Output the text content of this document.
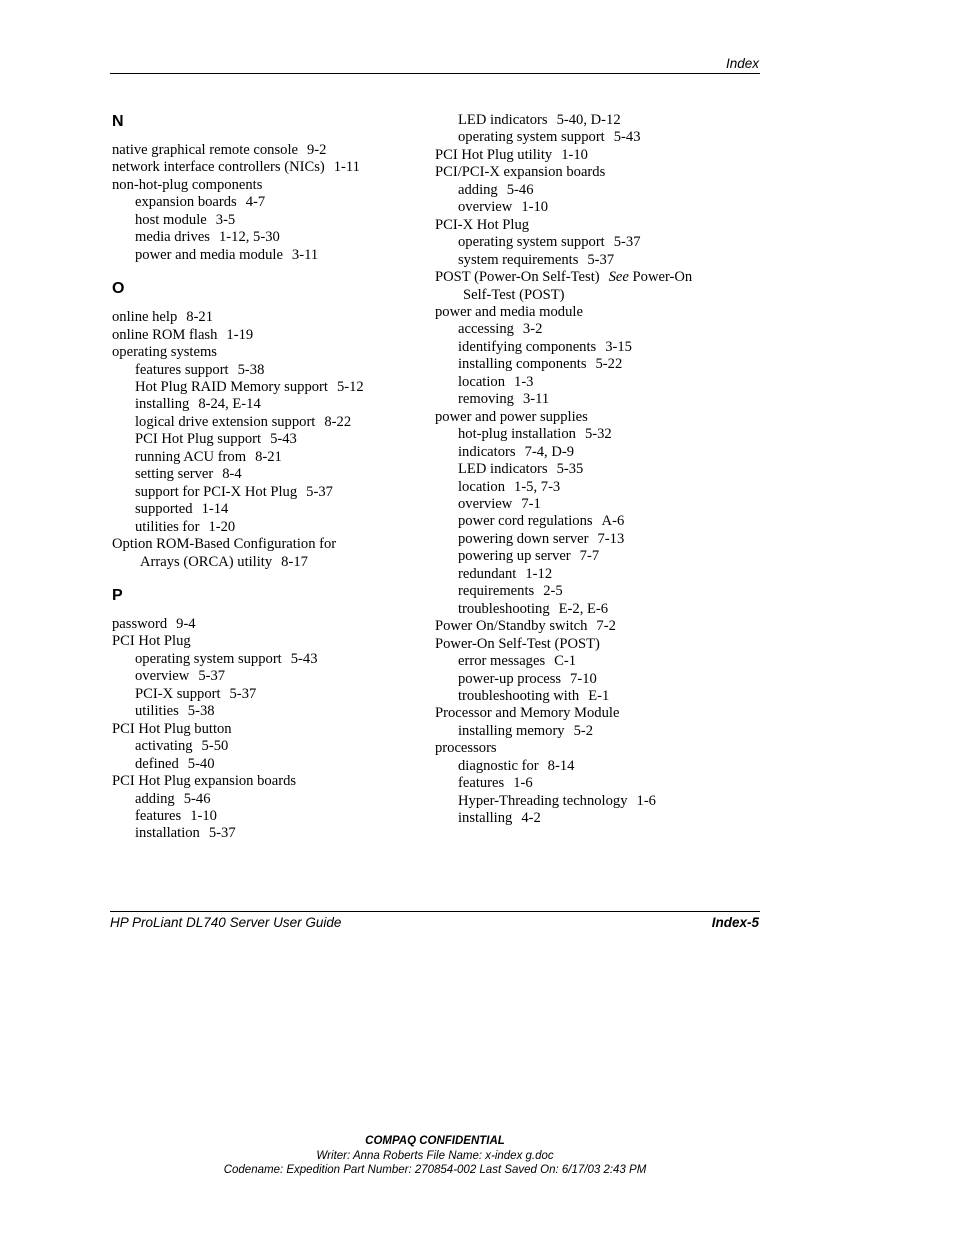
Index
N
native graphical remote console 9-2
network interface controllers (NICs) 1-11
non-hot-plug components
expansion boards 4-7
host module 3-5
media drives 1-12, 5-30
power and media module 3-11
O
online help 8-21
online ROM flash 1-19
operating systems
features support 5-38
Hot Plug RAID Memory support 5-12
installing 8-24, E-14
logical drive extension support 8-22
PCI Hot Plug support 5-43
running ACU from 8-21
setting server 8-4
support for PCI-X Hot Plug 5-37
supported 1-14
utilities for 1-20
Option ROM-Based Configuration for
Arrays (ORCA) utility 8-17
P
password 9-4
PCI Hot Plug
operating system support 5-43
overview 5-37
PCI-X support 5-37
utilities 5-38
PCI Hot Plug button
activating 5-50
defined 5-40
PCI Hot Plug expansion boards
adding 5-46
features 1-10
installation 5-37
LED indicators 5-40, D-12
operating system support 5-43
PCI Hot Plug utility 1-10
PCI/PCI-X expansion boards
adding 5-46
overview 1-10
PCI-X Hot Plug
operating system support 5-37
system requirements 5-37
POST (Power-On Self-Test) See Power-On
Self-Test (POST)
power and media module
accessing 3-2
identifying components 3-15
installing components 5-22
location 1-3
removing 3-11
power and power supplies
hot-plug installation 5-32
indicators 7-4, D-9
LED indicators 5-35
location 1-5, 7-3
overview 7-1
power cord regulations A-6
powering down server 7-13
powering up server 7-7
redundant 1-12
requirements 2-5
troubleshooting E-2, E-6
Power On/Standby switch 7-2
Power-On Self-Test (POST)
error messages C-1
power-up process 7-10
troubleshooting with E-1
Processor and Memory Module
installing memory 5-2
processors
diagnostic for 8-14
features 1-6
Hyper-Threading technology 1-6
installing 4-2
HP ProLiant DL740 Server User Guide	Index-5
COMPAQ CONFIDENTIAL
Writer: Anna Roberts File Name: x-index g.doc
Codename: Expedition Part Number: 270854-002 Last Saved On: 6/17/03 2:43 PM
